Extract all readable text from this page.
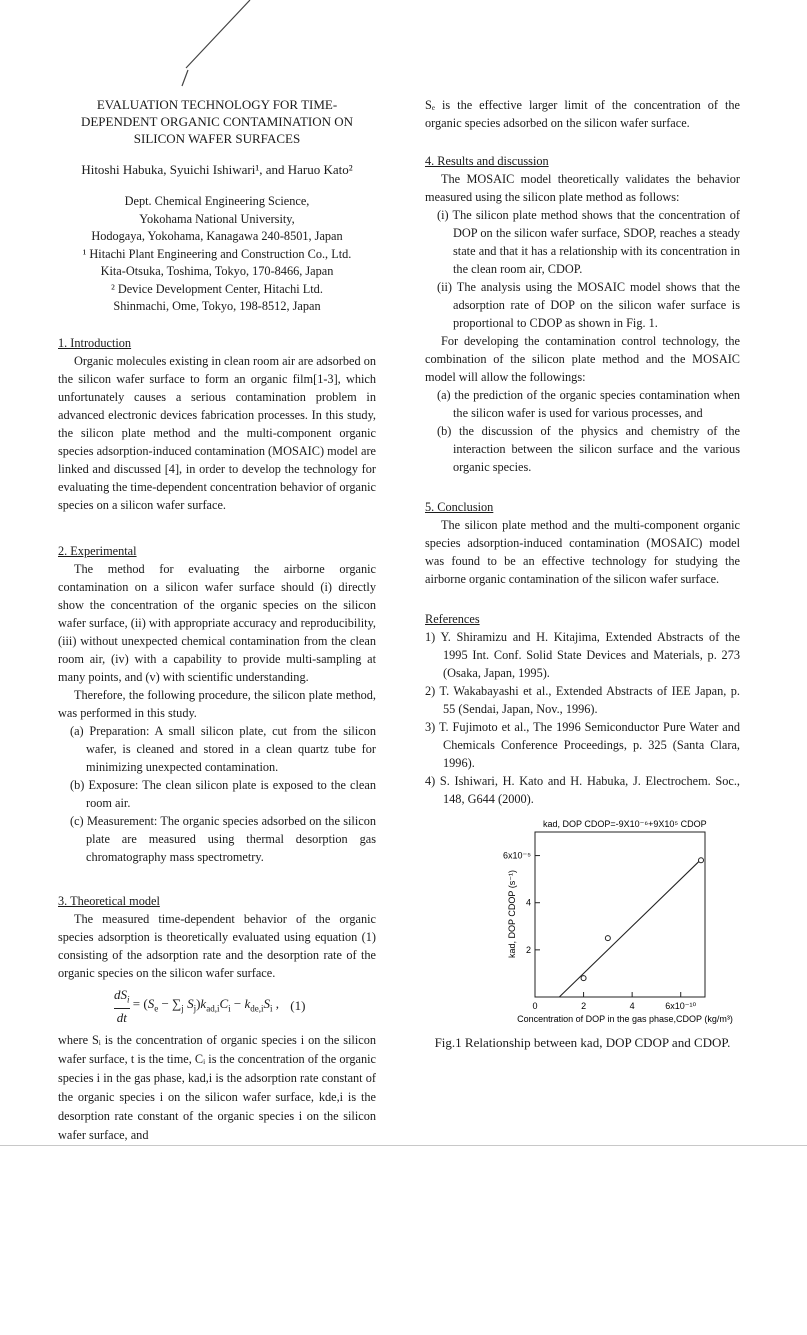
EVALUATION TECHNOLOGY FOR TIME-
DEPENDENT ORGANIC CONTAMINATION ON
SILICON WAFER SURFACES
Hitoshi Habuka, Syuichi Ishiwari¹, and Haruo Kato²
Dept. Chemical Engineering Science,
Yokohama National University,
Hodogaya, Yokohama, Kanagawa 240-8501, Japan
¹ Hitachi Plant Engineering and Construction Co., Ltd.
Kita-Otsuka, Toshima, Tokyo, 170-8466, Japan
² Device Development Center, Hitachi Ltd.
Shinmachi, Ome, Tokyo, 198-8512, Japan
1. Introduction

Organic molecules existing in clean room air are adsorbed on the silicon wafer surface to form an organic film[1-3], which unfortunately causes a serious contamination problem in advanced electronic devices fabrication processes. In this study, the silicon plate method and the multi-component organic species adsorption-induced contamination (MOSAIC) model are linked and discussed [4], in order to develop the technology for evaluating the time-dependent concentration behavior of organic species on a silicon wafer surface.

2. Experimental

The method for evaluating the airborne organic contamination on a silicon wafer surface should (i) directly show the concentration of the organic species on the silicon wafer surface, (ii) with appropriate accuracy and reproducibility, (iii) without unexpected chemical contamination from the clean room air, (iv) with a capability to provide multi-sampling at many points, and (v) with scientific understanding.

Therefore, the following procedure, the silicon plate method, was performed in this study.

(a) Preparation: A small silicon plate, cut from the silicon wafer, is cleaned and stored in a clean quartz tube for minimizing unexpected contamination.

(b) Exposure: The clean silicon plate is exposed to the clean room air.

(c) Measurement: The organic species adsorbed on the silicon plate are measured using thermal desorption gas chromatography mass spectrometry.

3. Theoretical model

The measured time-dependent behavior of the organic species adsorption is theoretically evaluated using equation (1) consisting of the adsorption rate and the desorption rate of the organic species on the silicon wafer surface.

$dS_i$
dt
= ($S_e - \sum_j$ $S_j)k_{ad,i}C_i - k_{de,i}S_i$ , (1)

where Sᵢ is the concentration of organic species i on the silicon wafer surface, t is the time, Cᵢ is the concentration of the organic species i in the gas phase, kad,i is the adsorption rate constant of the organic species i on the silicon wafer surface, kde,i is the desorption rate constant of the organic species i on the silicon wafer surface, and

Sₑ is the effective larger limit of the concentration of the organic species adsorbed on the silicon wafer surface.

4. Results and discussion

The MOSAIC model theoretically validates the behavior measured using the silicon plate method as follows:

(i) The silicon plate method shows that the concentration of DOP on the silicon wafer surface, SDOP, reaches a steady state and that it has a relationship with its concentration in the clean room air, CDOP.

(ii) The analysis using the MOSAIC model shows that the adsorption rate of DOP on the silicon wafer surface is proportional to CDOP as shown in Fig. 1.

For developing the contamination control technology, the combination of the silicon plate method and the MOSAIC model will allow the followings:

(a) the prediction of the organic species contamination when the silicon wafer is used for various processes, and

(b) the discussion of the physics and chemistry of the interaction between the silicon surface and the various organic species.

5. Conclusion

The silicon plate method and the multi-component organic species adsorption-induced contamination (MOSAIC) model was found to be an effective technology for studying the airborne organic contamination of the silicon wafer surface.

References

1) Y. Shiramizu and H. Kitajima, Extended Abstracts of the 1995 Int. Conf. Solid State Devices and Materials, p. 273 (Osaka, Japan, 1995).

2) T. Wakabayashi et al., Extended Abstracts of IEE Japan, p. 55 (Sendai, Japan, Nov., 1996).

3) T. Fujimoto et al., The 1996 Semiconductor Pure Water and Chemicals Conference Proceedings, p. 325 (Santa Clara, 1996).

4) S. Ishiwari, H. Kato and H. Habuka, J. Electrochem. Soc., 148, G644 (2000).

kad, DOP CDOP=-9X10⁻⁶+9X10⁵ CDOP
kad, DOP CDOP (s⁻¹)
Concentration of DOP in the gas phase,CDOP (kg/m³)
0	2	4	6x10⁻¹⁰
2
4
6x10⁻⁵
Fig.1 Relationship between kad, DOP CDOP and CDOP.
